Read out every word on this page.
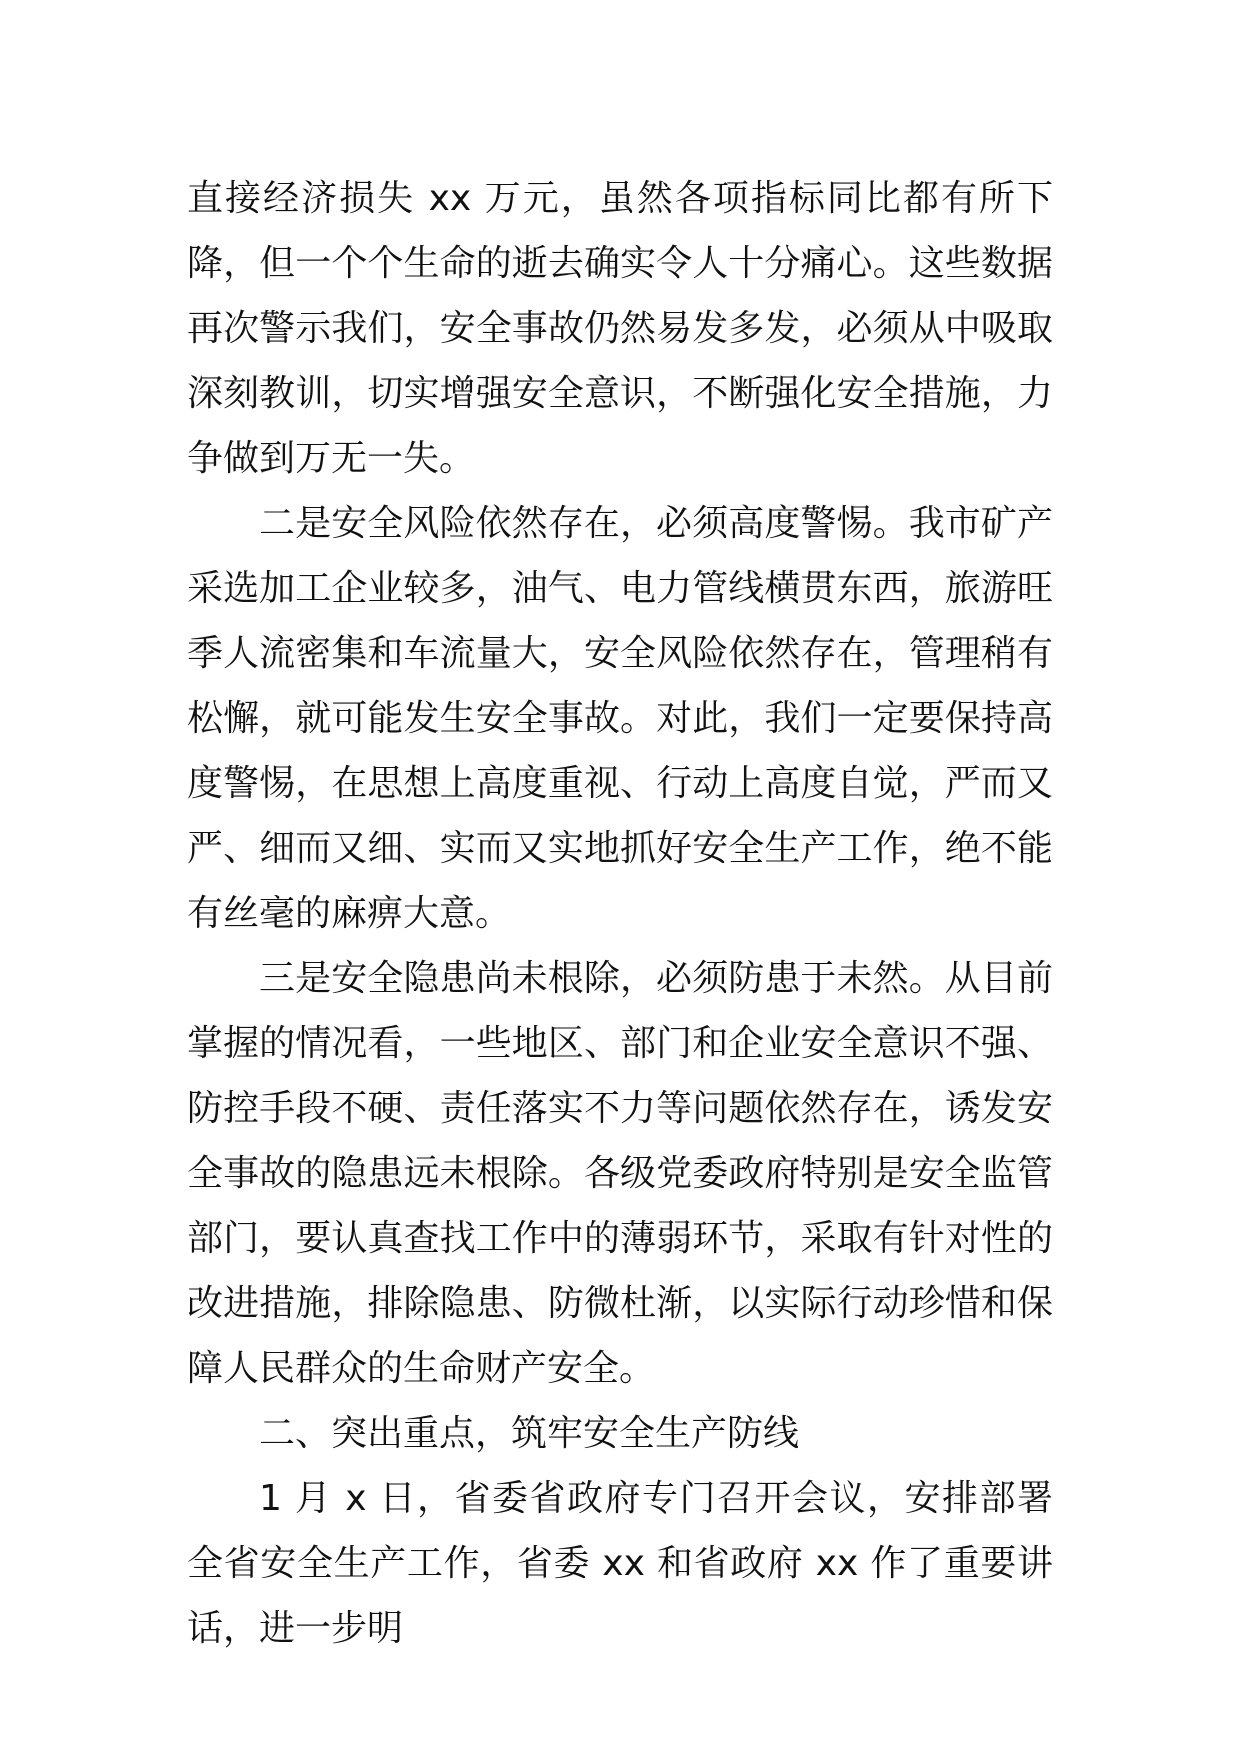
直接经济损失 xx 万元，虽然各项指标同比都有所下降，但一个个生命的逝去确实令人十分痛心。这些数据再次警示我们，安全事故仍然易发多发，必须从中吸取深刻教训，切实增强安全意识，不断强化安全措施，力争做到万无一失。

二是安全风险依然存在，必须高度警惕。我市矿产采选加工企业较多，油气、电力管线横贯东西，旅游旺季人流密集和车流量大，安全风险依然存在，管理稍有松懈，就可能发生安全事故。对此，我们一定要保持高度警惕，在思想上高度重视、行动上高度自觉，严而又严、细而又细、实而又实地抓好安全生产工作，绝不能有丝毫的麻痹大意。

三是安全隐患尚未根除，必须防患于未然。从目前掌握的情况看，一些地区、部门和企业安全意识不强、防控手段不硬、责任落实不力等问题依然存在，诱发安全事故的隐患远未根除。各级党委政府特别是安全监管部门，要认真查找工作中的薄弱环节，采取有针对性的改进措施，排除隐患、防微杜渐，以实际行动珍惜和保障人民群众的生命财产安全。

二、突出重点，筑牢安全生产防线

1 月 x 日，省委省政府专门召开会议，安排部署全省安全生产工作，省委 xx 和省政府 xx 作了重要讲话，进一步明
